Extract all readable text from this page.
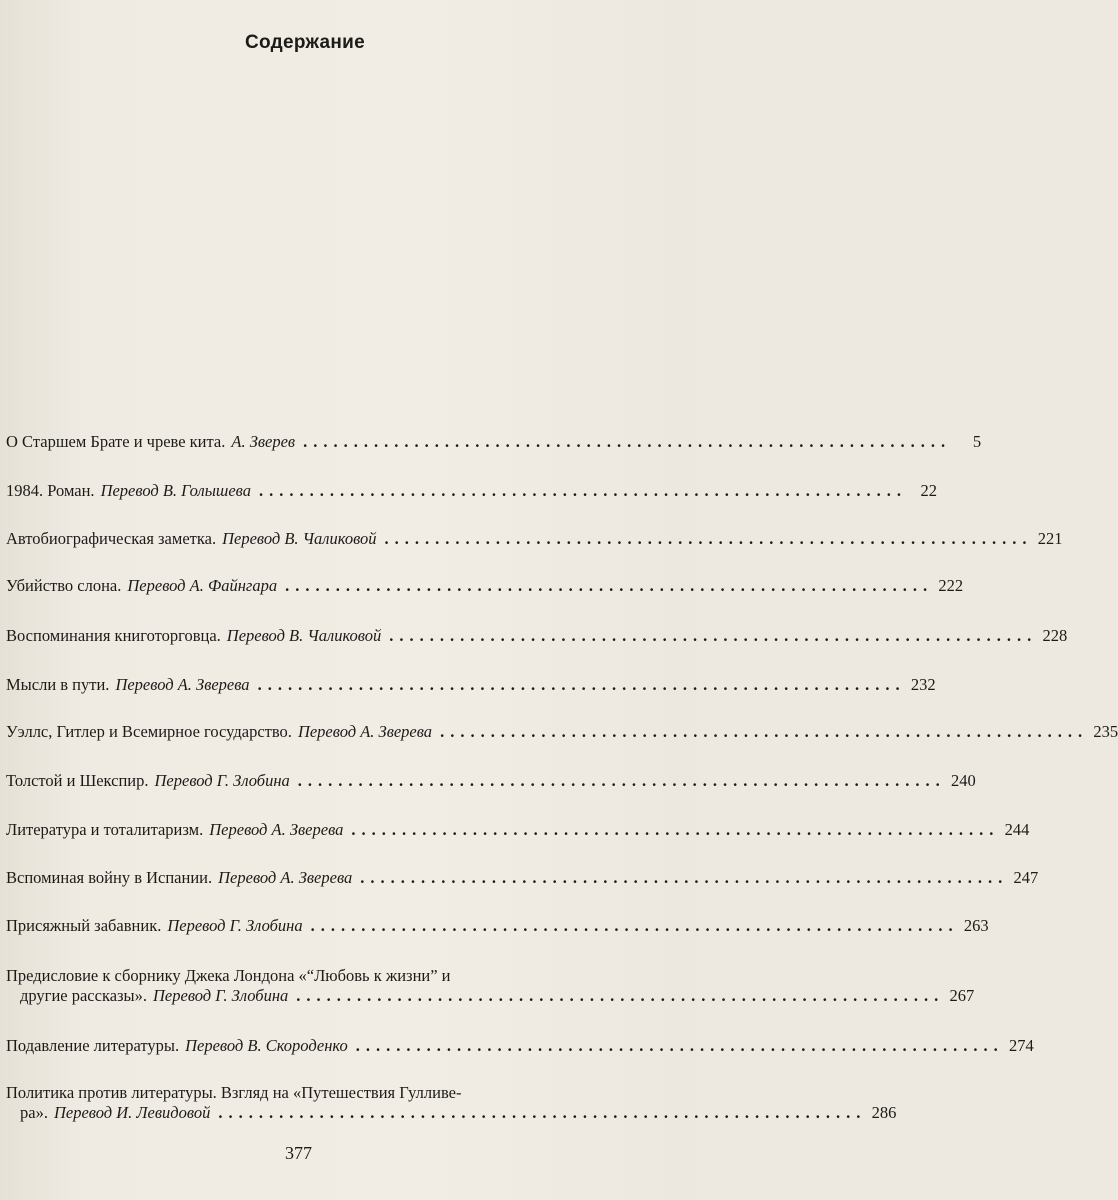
Содержание
О Старшем Брате и чреве кита. А. Зверев ................................................................	5
1984. Роман. Перевод В. Голышева ................................................................ 22
Автобиографическая заметка. Перевод В. Чаликовой ................................................................ 221
Убийство слона. Перевод А. Файнгара ................................................................ 222
Воспоминания книготорговца. Перевод В. Чаликовой ................................................................ 228
Мысли в пути. Перевод А. Зверева ................................................................ 232
Уэллс, Гитлер и Всемирное государство. Перевод А. Зверева ................................................................ 235
Толстой и Шекспир. Перевод Г. Злобина ................................................................ 240
Литература и тоталитаризм. Перевод А. Зверева ................................................................ 244
Вспоминая войну в Испании. Перевод А. Зверева ................................................................ 247
Присяжный забавник. Перевод Г. Злобина ................................................................ 263
Предисловие к сборнику Джека Лондона «“Любовь к жизни” и
другие рассказы». Перевод Г. Злобина ................................................................ 267
Подавление литературы. Перевод В. Скороденко ................................................................ 274
Политика против литературы. Взгляд на «Путешествия Гулливе-
ра». Перевод И. Левидовой ................................................................ 286
377
